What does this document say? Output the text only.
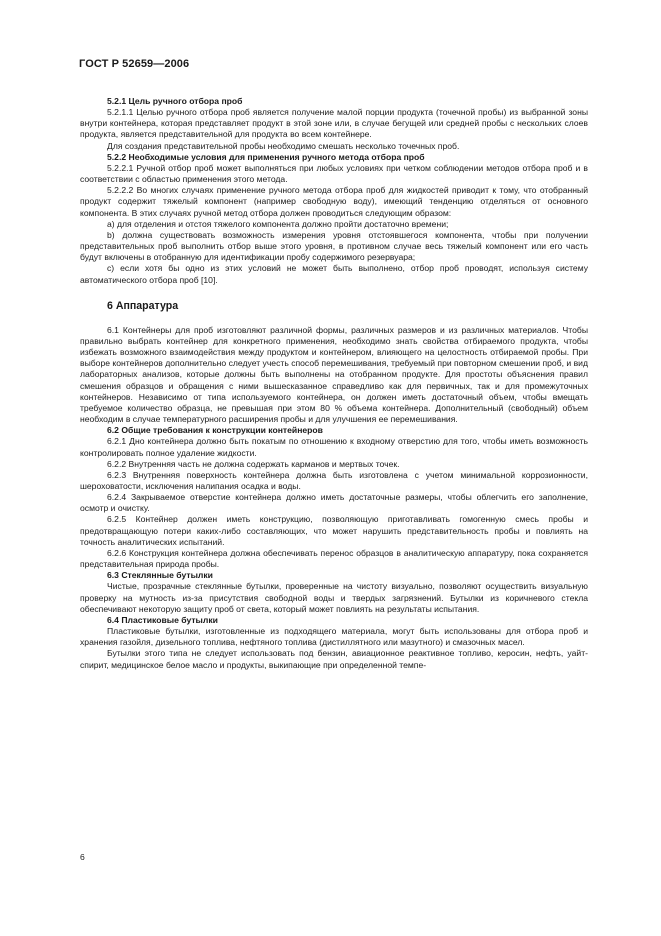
ГОСТ Р 52659—2006

5.2.1 Цель ручного отбора проб

5.2.1.1 Целью ручного отбора проб является получение малой порции продукта (точечной пробы) из выбранной зоны внутри контейнера, которая представляет продукт в этой зоне или, в случае бегущей или средней пробы с нескольких слоев продукта, является представительной для продукта во всем контейнере.

Для создания представительной пробы необходимо смешать несколько точечных проб.

5.2.2 Необходимые условия для применения ручного метода отбора проб

5.2.2.1 Ручной отбор проб может выполняться при любых условиях при четком соблюдении методов отбора проб и в соответствии с областью применения этого метода.

5.2.2.2 Во многих случаях применение ручного метода отбора проб для жидкостей приводит к тому, что отобранный продукт содержит тяжелый компонент (например свободную воду), имеющий тенденцию отделяться от основного компонента. В этих случаях ручной метод отбора должен проводиться следующим образом:

а) для отделения и отстоя тяжелого компонента должно пройти достаточно времени;

b) должна существовать возможность измерения уровня отстоявшегося компонента, чтобы при получении представительных проб выполнить отбор выше этого уровня, в противном случае весь тяжелый компонент или его часть будут включены в отобранную для идентификации пробу содержимого резервуара;

с) если хотя бы одно из этих условий не может быть выполнено, отбор проб проводят, используя систему автоматического отбора проб [10].

6 Аппаратура

6.1 Контейнеры для проб изготовляют различной формы, различных размеров и из различных материалов. Чтобы правильно выбрать контейнер для конкретного применения, необходимо знать свойства отбираемого продукта, чтобы избежать возможного взаимодействия между продуктом и контейнером, влияющего на целостность отбираемой пробы. При выборе контейнеров дополнительно следует учесть способ перемешивания, требуемый при повторном смешении проб, и вид лабораторных анализов, которые должны быть выполнены на отобранном продукте. Для простоты объяснения правил смешения образцов и обращения с ними вышесказанное справедливо как для первичных, так и для промежуточных контейнеров. Независимо от типа используемого контейнера, он должен иметь достаточный объем, чтобы вмещать требуемое количество образца, не превышая при этом 80 % объема контейнера. Дополнительный (свободный) объем необходим в случае температурного расширения пробы и для улучшения ее перемешивания.

6.2 Общие требования к конструкции контейнеров

6.2.1 Дно контейнера должно быть покатым по отношению к входному отверстию для того, чтобы иметь возможность контролировать полное удаление жидкости.

6.2.2 Внутренняя часть не должна содержать карманов и мертвых точек.

6.2.3 Внутренняя поверхность контейнера должна быть изготовлена с учетом минимальной коррозионности, шероховатости, исключения налипания осадка и воды.

6.2.4 Закрываемое отверстие контейнера должно иметь достаточные размеры, чтобы облегчить его заполнение, осмотр и очистку.

6.2.5 Контейнер должен иметь конструкцию, позволяющую приготавливать гомогенную смесь пробы и предотвращающую потери каких-либо составляющих, что может нарушить представительность пробы и повлиять на точность аналитических испытаний.

6.2.6 Конструкция контейнера должна обеспечивать перенос образцов в аналитическую аппаратуру, пока сохраняется представительная природа пробы.

6.3 Стеклянные бутылки

Чистые, прозрачные стеклянные бутылки, проверенные на чистоту визуально, позволяют осуществить визуальную проверку на мутность из-за присутствия свободной воды и твердых загрязнений. Бутылки из коричневого стекла обеспечивают некоторую защиту проб от света, который может повлиять на результаты испытания.

6.4 Пластиковые бутылки

Пластиковые бутылки, изготовленные из подходящего материала, могут быть использованы для отбора проб и хранения газойля, дизельного топлива, нефтяного топлива (дистиллятного или мазутного) и смазочных масел.

Бутылки этого типа не следует использовать под бензин, авиационное реактивное топливо, керосин, нефть, уайт-спирит, медицинское белое масло и продукты, выкипающие при определенной темпе-

6
